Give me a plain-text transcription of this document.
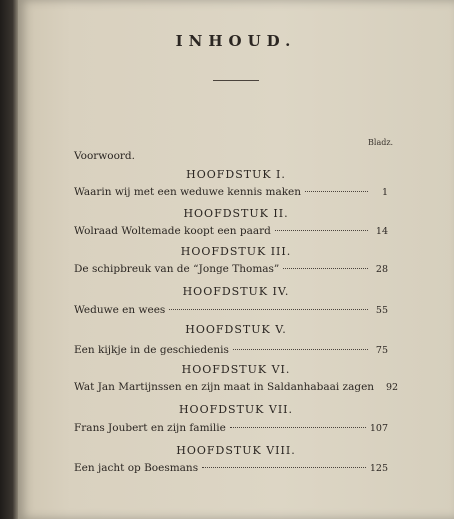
INHOUD.
Bladz.
Voorwoord.
HOOFDSTUK I.
Waarin wij met een weduwe kennis maken	1
HOOFDSTUK II.
Wolraad Woltemade koopt een paard	14
HOOFDSTUK III.
De schipbreuk van de “Jonge Thomas”	28
HOOFDSTUK IV.
Weduwe en wees	55
HOOFDSTUK V.
Een kijkje in de geschiedenis	75
HOOFDSTUK VI.
Wat Jan Martijnssen en zijn maat in Saldanhabaai zagen	92
HOOFDSTUK VII.
Frans Joubert en zijn familie	107
HOOFDSTUK VIII.
Een jacht op Boesmans	125
